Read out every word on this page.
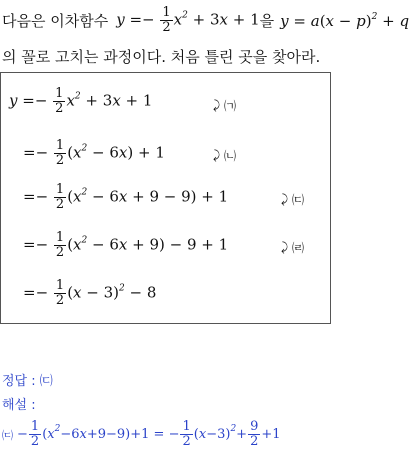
다음은 이차함수 $y =- \frac{1}{2} x^2 + 3x + 1$ 을 $y = a(x - p)^2 + q$
의 꼴로 고치는 과정이다. 처음 틀린 곳을 찾아라.
$y =- \frac{1}{2} x^2 + 3x + 1$	⤸ ㈀
=− $\frac{1}{2} (x^2 - 6x) + 1$	⤸ ㈁
=− $\frac{1}{2} (x^2 - 6x + 9 - 9) + 1$	⤸ ㈂
=− $\frac{1}{2} (x^2 - 6x + 9) - 9 + 1$	⤸ ㈃
=− $\frac{1}{2} (x - 3)^2 - 8$
정답 : ㈂
해설 :
㈂ − $\frac{1}{2} (x^2-6x+9-9)+1$ = − $\frac{1}{2} (x-3)^2+ \frac{9}{2} +1$
